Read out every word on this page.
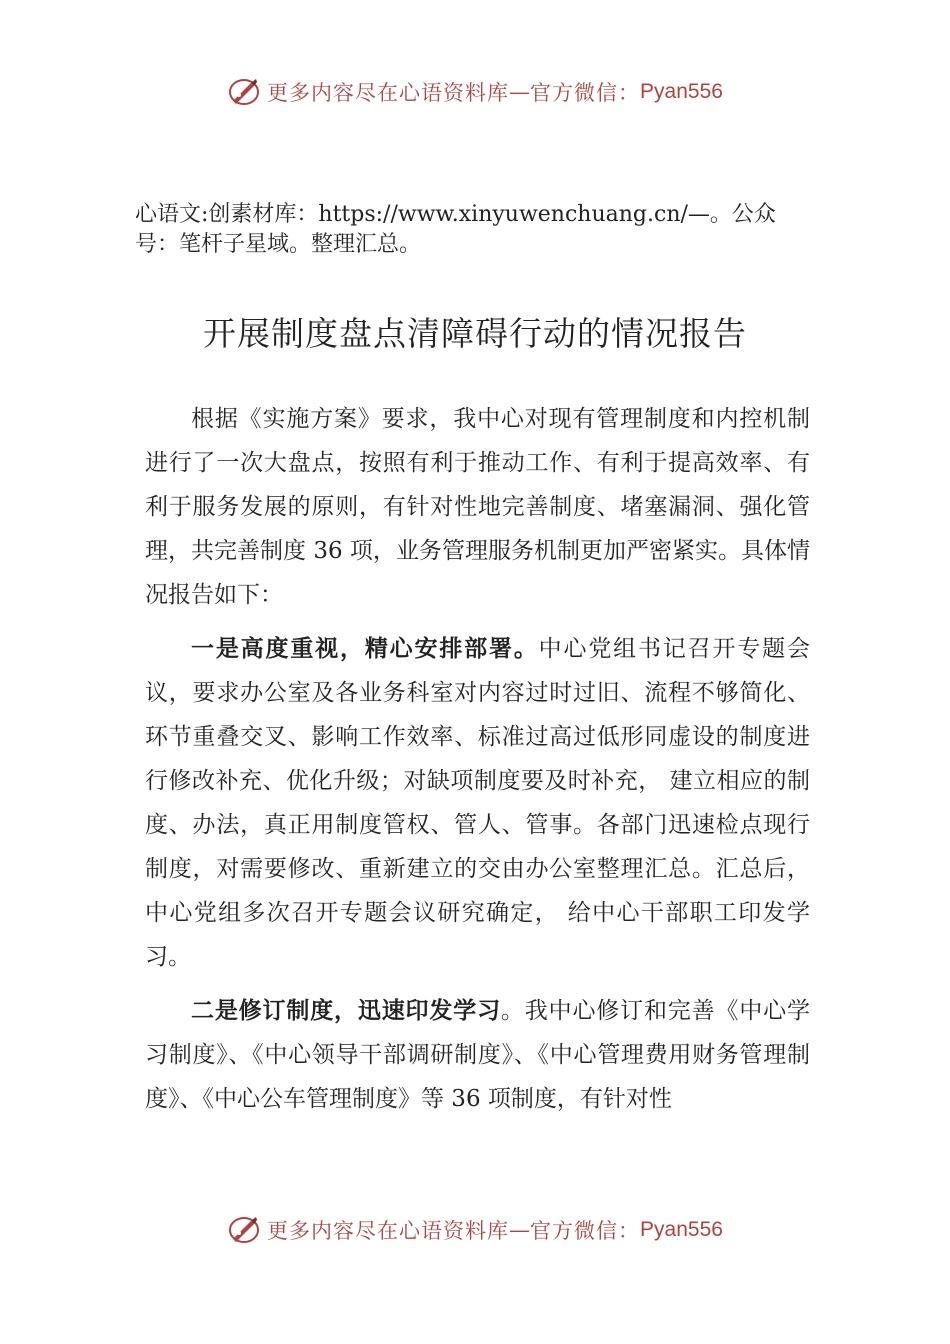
更多内容尽在心语资料库 — 官方微信： Pyan556
心语文:创素材库：https://www.xinyuwenchuang.cn/—。公众号：笔杆子星域。整理汇总。
开展制度盘点清障碍行动的情况报告

根据《实施方案》要求，我中心对现有管理制度和内控机制进行了一次大盘点，按照有利于推动工作、有利于提高效率、有利于服务发展的原则，有针对性地完善制度、堵塞漏洞、强化管理，共完善制度 36 项，业务管理服务机制更加严密紧实。具体情况报告如下：

一是高度重视，精心安排部署。中心党组书记召开专题会议，要求办公室及各业务科室对内容过时过旧、流程不够简化、环节重叠交叉、影响工作效率、标准过高过低形同虚设的制度进行修改补充、优化升级；对缺项制度要及时补充， 建立相应的制度、办法，真正用制度管权、管人、管事。各部门迅速检点现行制度，对需要修改、重新建立的交由办公室整理汇总。汇总后，中心党组多次召开专题会议研究确定， 给中心干部职工印发学习。

二是修订制度，迅速印发学习。我中心修订和完善《中心学习制度》、《中心领导干部调研制度》、《中心管理费用财务管理制度》、《中心公车管理制度》等 36 项制度，有针对性

更多内容尽在心语资料库 — 官方微信： Pyan556
